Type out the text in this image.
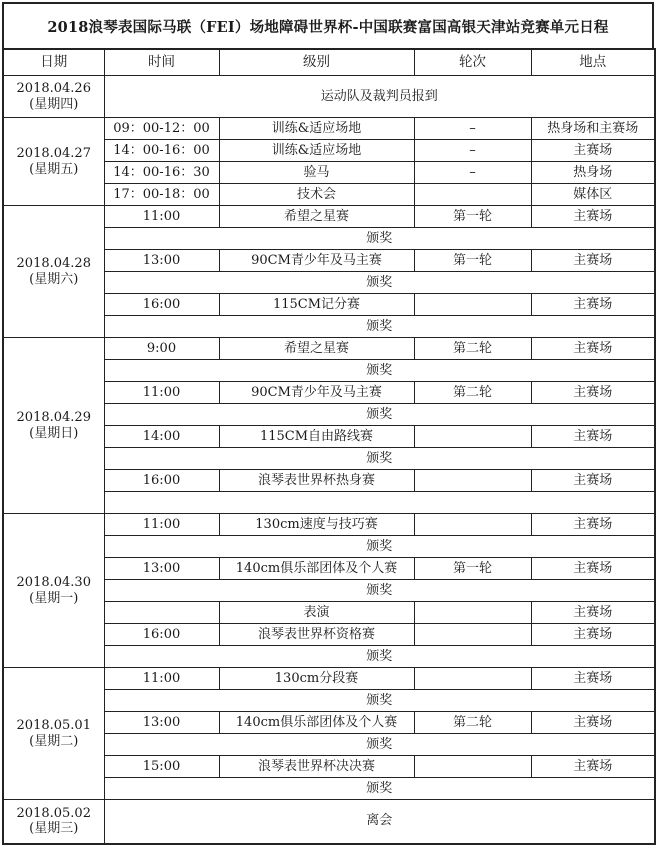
2018浪琴表国际马联（FEI）场地障碍世界杯-中国联赛富国高银天津站竞赛单元日程
日期	时间	级别	轮次	地点

2018.04.26
(星期四)	运动队及裁判员报到			

2018.04.27
(星期五)	09：00-12：00	训练&适应场地	–	热身场和主赛场
	14：00-16：00	训练&适应场地	–	主赛场
	14：00-16：30	验马	–	热身场
	17：00-18：00	技术会		媒体区

2018.04.28
(星期六)	11:00	希望之星赛	第一轮	主赛场
	颁奖			
	13:00	90CM青少年及马主赛	第一轮	主赛场
	颁奖			
	16:00	115CM记分赛		主赛场
	颁奖			

2018.04.29
(星期日)	9:00	希望之星赛	第二轮	主赛场
	颁奖			
	11:00	90CM青少年及马主赛	第二轮	主赛场
	颁奖			
	14:00	115CM自由路线赛		主赛场
	颁奖			
	16:00	浪琴表世界杯热身赛		主赛场

2018.04.30
(星期一)	11:00	130cm速度与技巧赛		主赛场
	颁奖			
	13:00	140cm俱乐部团体及个人赛	第一轮	主赛场
	颁奖			
		表演		主赛场
	16:00	浪琴表世界杯资格赛		主赛场
	颁奖			

2018.05.01
(星期二)	11:00	130cm分段赛		主赛场
	颁奖			
	13:00	140cm俱乐部团体及个人赛	第二轮	主赛场
	颁奖			
	15:00	浪琴表世界杯决决赛		主赛场
	颁奖			

2018.05.02
(星期三)	离会			
